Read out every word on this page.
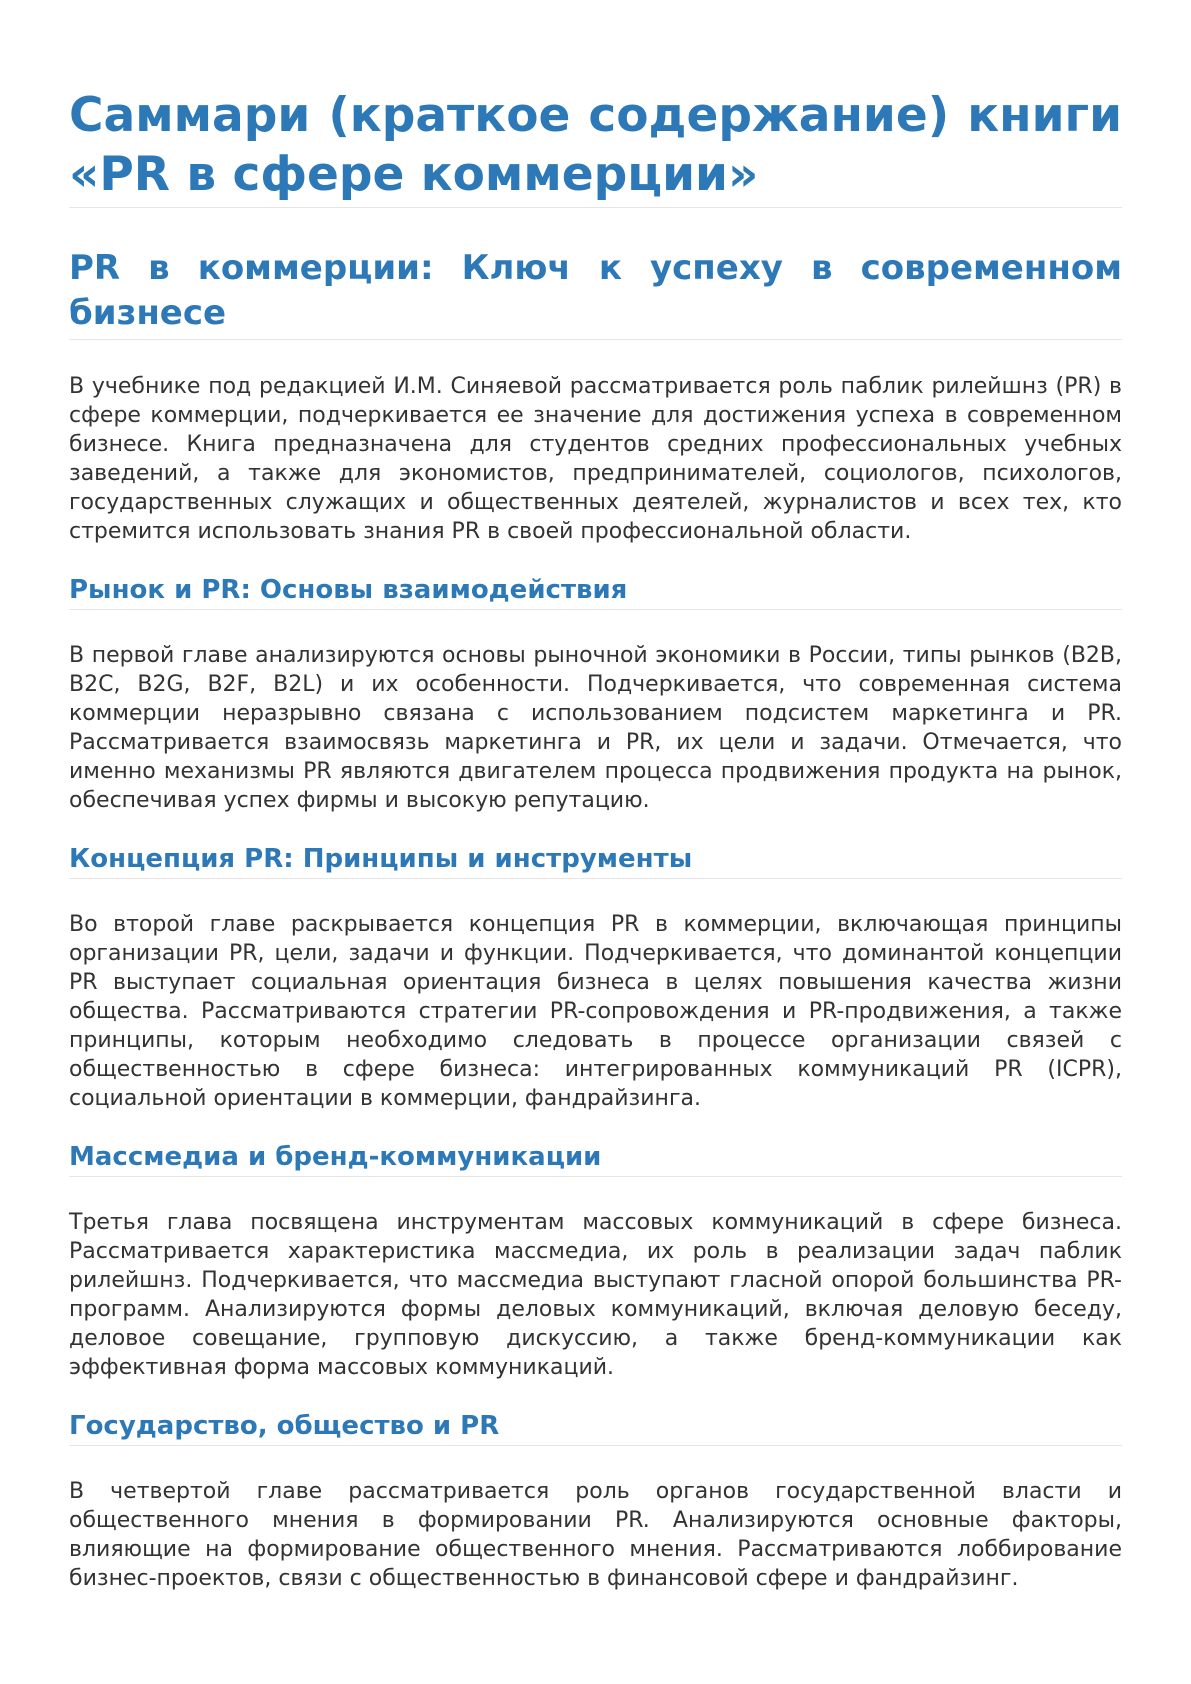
Саммари (краткое содержание) книги «PR в сфере коммерции»
PR в коммерции: Ключ к успеху в современном бизнесе

В учебнике под редакцией И.М. Синяевой рассматривается роль паблик рилейшнз (PR) в сфере коммерции, подчеркивается ее значение для достижения успеха в современном бизнесе. Книга предназначена для студентов средних профессиональных учебных заведений, а также для экономистов, предпринимателей, социологов, психологов, государственных служащих и общественных деятелей, журналистов и всех тех, кто стремится использовать знания PR в своей профессиональной области.

Рынок и PR: Основы взаимодействия

В первой главе анализируются основы рыночной экономики в России, типы рынков (B2B, B2C, B2G, B2F, B2L) и их особенности. Подчеркивается, что современная система коммерции неразрывно связана с использованием подсистем маркетинга и PR. Рассматривается взаимосвязь маркетинга и PR, их цели и задачи. Отмечается, что именно механизмы PR являются двигателем процесса продвижения продукта на рынок, обеспечивая успех фирмы и высокую репутацию.

Концепция PR: Принципы и инструменты

Во второй главе раскрывается концепция PR в коммерции, включающая принципы организации PR, цели, задачи и функции. Подчеркивается, что доминантой концепции PR выступает социальная ориентация бизнеса в целях повышения качества жизни общества. Рассматриваются стратегии PR-сопровождения и PR-продвижения, а также принципы, которым необходимо следовать в процессе организации связей с общественностью в сфере бизнеса: интегрированных коммуникаций PR (ICPR), социальной ориентации в коммерции, фандрайзинга.

Массмедиа и бренд-коммуникации

Третья глава посвящена инструментам массовых коммуникаций в сфере бизнеса. Рассматривается характеристика массмедиа, их роль в реализации задач паблик рилейшнз. Подчеркивается, что массмедиа выступают гласной опорой большинства PR-программ. Анализируются формы деловых коммуникаций, включая деловую беседу, деловое совещание, групповую дискуссию, а также бренд-коммуникации как эффективная форма массовых коммуникаций.

Государство, общество и PR

В четвертой главе рассматривается роль органов государственной власти и общественного мнения в формировании PR. Анализируются основные факторы, влияющие на формирование общественного мнения. Рассматриваются лоббирование бизнес-проектов, связи с общественностью в финансовой сфере и фандрайзинг.
